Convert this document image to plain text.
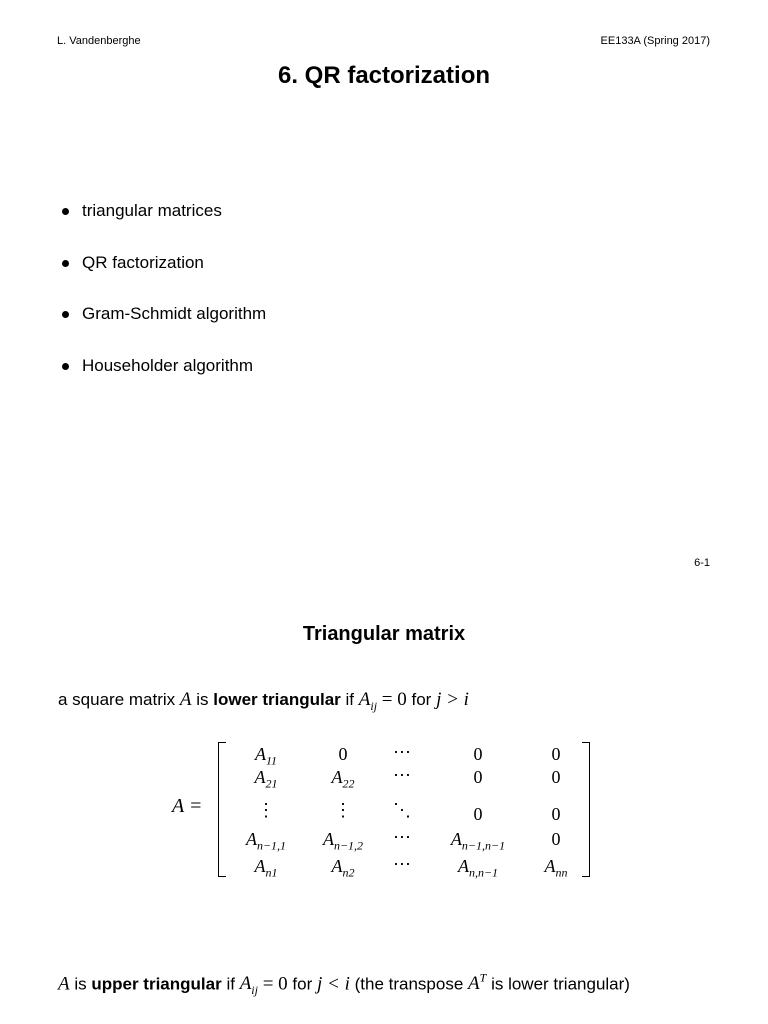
L. Vandenberghe	EE133A (Spring 2017)
6. QR factorization
triangular matrices
QR factorization
Gram-Schmidt algorithm
Householder algorithm
6-1
Triangular matrix
a square matrix A is lower triangular if $A_{ij} = 0$ for j > i
A =
$A_{11}$	0	⋯	0	0
$A_{21}$	$A_{22}$	⋯	0	0
⋮	⋮	⋱	0	0
$A_{n-1,1}$	$A_{n-1,2}$	⋯	$A_{n-1,n-1}$	0
$A_{n1}$	$A_{n2}$	⋯	$A_{n,n-1}$	$A_{nn}$
A is upper triangular if $A_{ij} = 0$ for j < i (the transpose $A^T$ is lower triangular)
